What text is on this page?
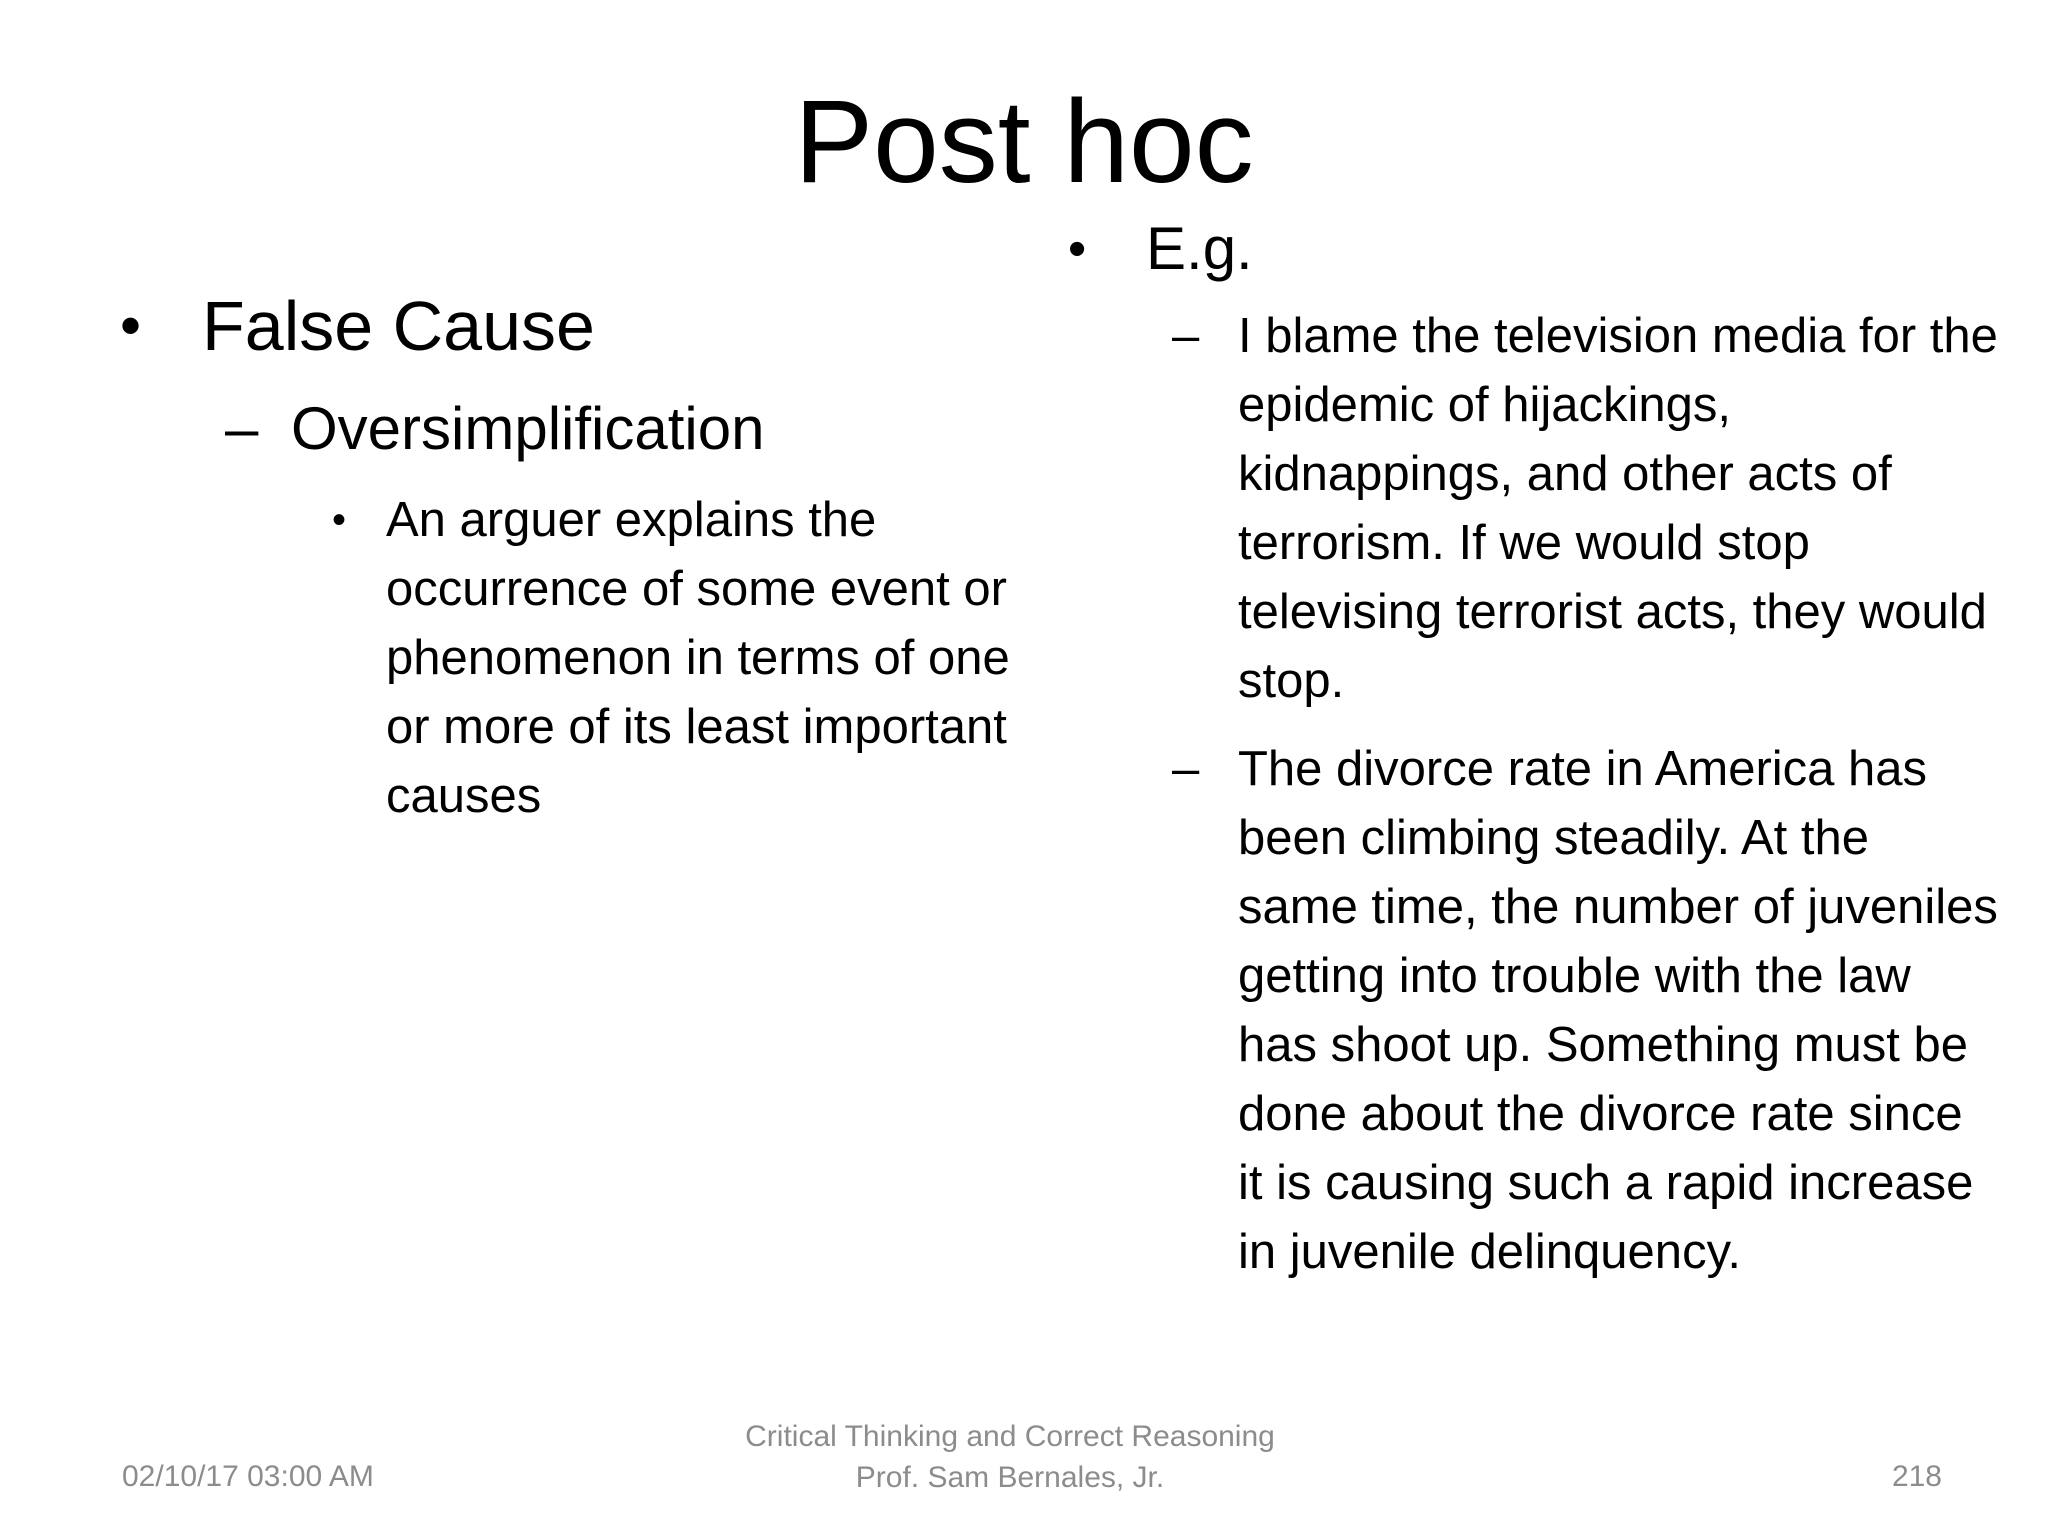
Post hoc
• False Cause
– Oversimplification
• An arguer explains the occurrence of some event or phenomenon in terms of one or more of its least important causes
• E.g.
– I blame the television media for the epidemic of hijackings, kidnappings, and other acts of terrorism. If we would stop televising terrorist acts, they would stop.
– The divorce rate in America has been climbing steadily. At the same time, the number of juveniles getting into trouble with the law has shoot up. Something must be done about the divorce rate since it is causing such a rapid increase in juvenile delinquency.
02/10/17 03:00 AM
Critical Thinking and Correct Reasoning
Prof. Sam Bernales, Jr.	218
